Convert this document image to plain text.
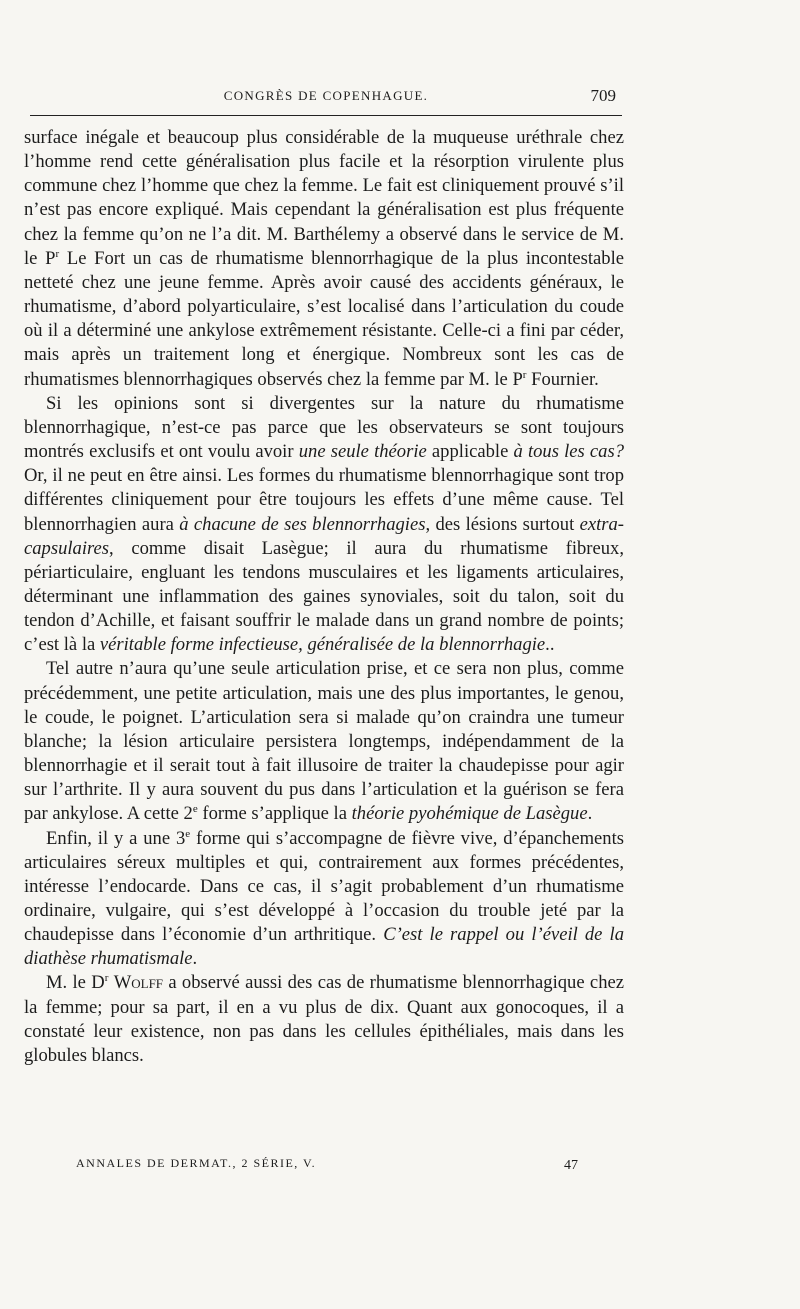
CONGRÈS DE COPENHAGUE.	709

surface inégale et beaucoup plus considérable de la muqueuse uréthrale chez l’homme rend cette généralisation plus facile et la résorption virulente plus commune chez l’homme que chez la femme. Le fait est cliniquement prouvé s’il n’est pas encore expliqué. Mais cependant la généralisation est plus fréquente chez la femme qu’on ne l’a dit. M. Barthélemy a observé dans le service de M. le $P^r$ Le Fort un cas de rhumatisme blennorrhagique de la plus incontestable netteté chez une jeune femme. Après avoir causé des accidents généraux, le rhumatisme, d’abord polyarticulaire, s’est localisé dans l’articulation du coude où il a déterminé une ankylose extrêmement résistante. Celle-ci a fini par céder, mais après un traitement long et énergique. Nombreux sont les cas de rhumatismes blennorrhagiques observés chez la femme par M. le $P^r$ Fournier.

Si les opinions sont si divergentes sur la nature du rhumatisme blennorrhagique, n’est-ce pas parce que les observateurs se sont toujours montrés exclusifs et ont voulu avoir une seule théorie applicable à tous les cas? Or, il ne peut en être ainsi. Les formes du rhumatisme blennorrhagique sont trop différentes cliniquement pour être toujours les effets d’une même cause. Tel blennorrhagien aura à chacune de ses blennorrhagies, des lésions surtout extra-capsulaires, comme disait Lasègue; il aura du rhumatisme fibreux, périarticulaire, engluant les tendons musculaires et les ligaments articulaires, déterminant une inflammation des gaines synoviales, soit du talon, soit du tendon d’Achille, et faisant souffrir le malade dans un grand nombre de points; c’est là la véritable forme infectieuse, généralisée de la blennorrhagie..

Tel autre n’aura qu’une seule articulation prise, et ce sera non plus, comme précédemment, une petite articulation, mais une des plus importantes, le genou, le coude, le poignet. L’articulation sera si malade qu’on craindra une tumeur blanche; la lésion articulaire persistera longtemps, indépendamment de la blennorrhagie et il serait tout à fait illusoire de traiter la chaudepisse pour agir sur l’arthrite. Il y aura souvent du pus dans l’articulation et la guérison se fera par ankylose. A cette 2e forme s’applique la théorie pyohémique de Lasègue.

Enfin, il y a une 3e forme qui s’accompagne de fièvre vive, d’épanchements articulaires séreux multiples et qui, contrairement aux formes précédentes, intéresse l’endocarde. Dans ce cas, il s’agit probablement d’un rhumatisme ordinaire, vulgaire, qui s’est développé à l’occasion du trouble jeté par la chaudepisse dans l’économie d’un arthritique. C’est le rappel ou l’éveil de la diathèse rhumatismale.

M. le $D^r$ Wolff a observé aussi des cas de rhumatisme blennorrhagique chez la femme; pour sa part, il en a vu plus de dix. Quant aux gonocoques, il a constaté leur existence, non pas dans les cellules épithéliales, mais dans les globules blancs.

ANNALES DE DERMAT., 2 SÉRIE, V.	47
